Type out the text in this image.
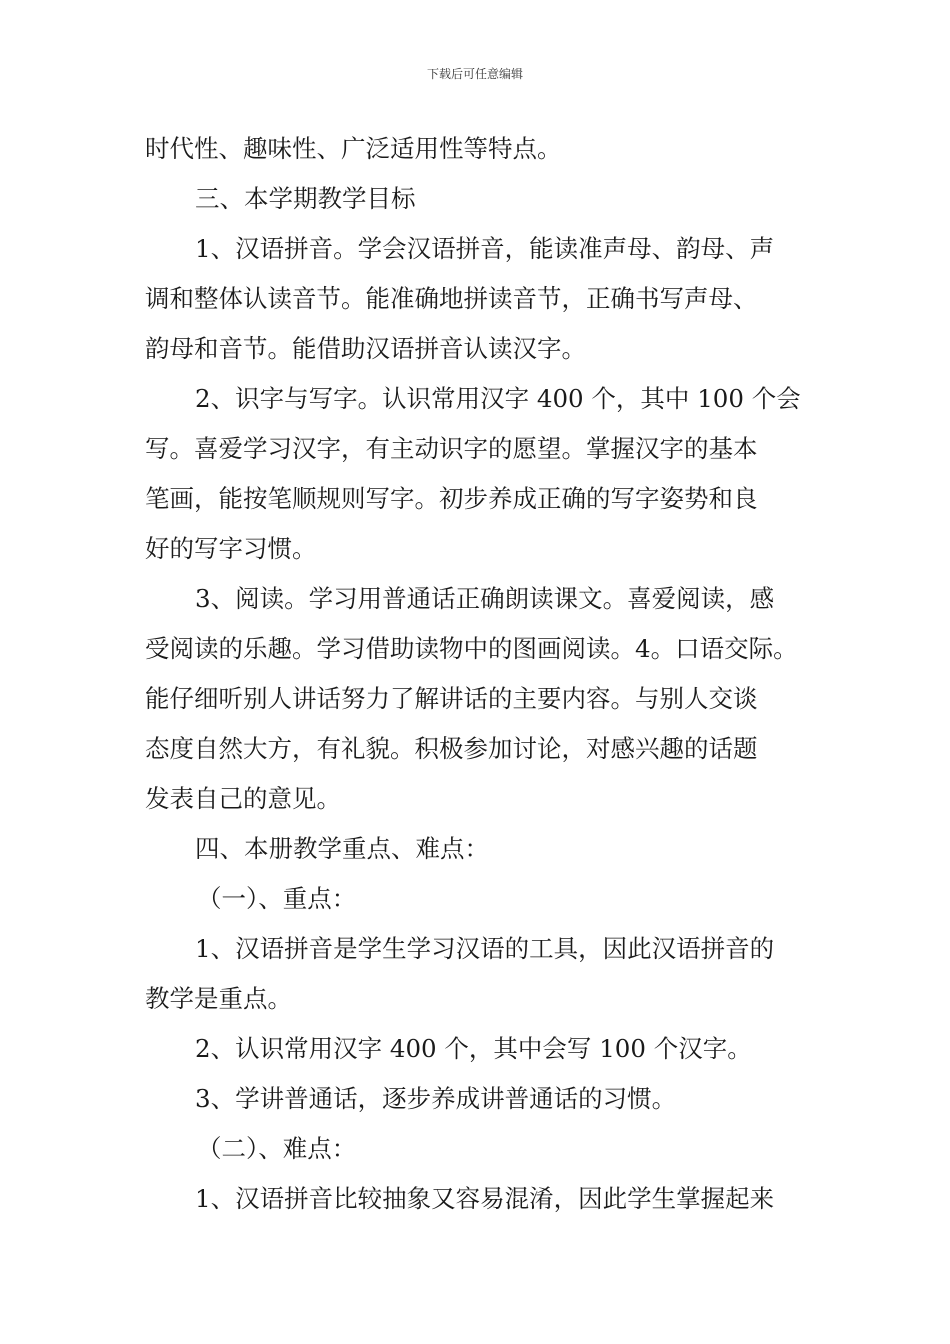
下载后可任意编辑
时代性、趣味性、广泛适用性等特点。
三、本学期教学目标
1、汉语拼音。学会汉语拼音，能读准声母、韵母、声
调和整体认读音节。能准确地拼读音节，正确书写声母、
韵母和音节。能借助汉语拼音认读汉字。
2、识字与写字。认识常用汉字 400 个，其中 100 个会
写。喜爱学习汉字，有主动识字的愿望。掌握汉字的基本
笔画，能按笔顺规则写字。初步养成正确的写字姿势和良
好的写字习惯。
3、阅读。学习用普通话正确朗读课文。喜爱阅读，感
受阅读的乐趣。学习借助读物中的图画阅读。4。口语交际。
能仔细听别人讲话努力了解讲话的主要内容。与别人交谈
态度自然大方，有礼貌。积极参加讨论，对感兴趣的话题
发表自己的意见。
四、本册教学重点、难点：
（一）、重点：
1、汉语拼音是学生学习汉语的工具，因此汉语拼音的
教学是重点。
2、认识常用汉字 400 个，其中会写 100 个汉字。
3、学讲普通话，逐步养成讲普通话的习惯。
（二）、难点：
1、汉语拼音比较抽象又容易混淆，因此学生掌握起来
